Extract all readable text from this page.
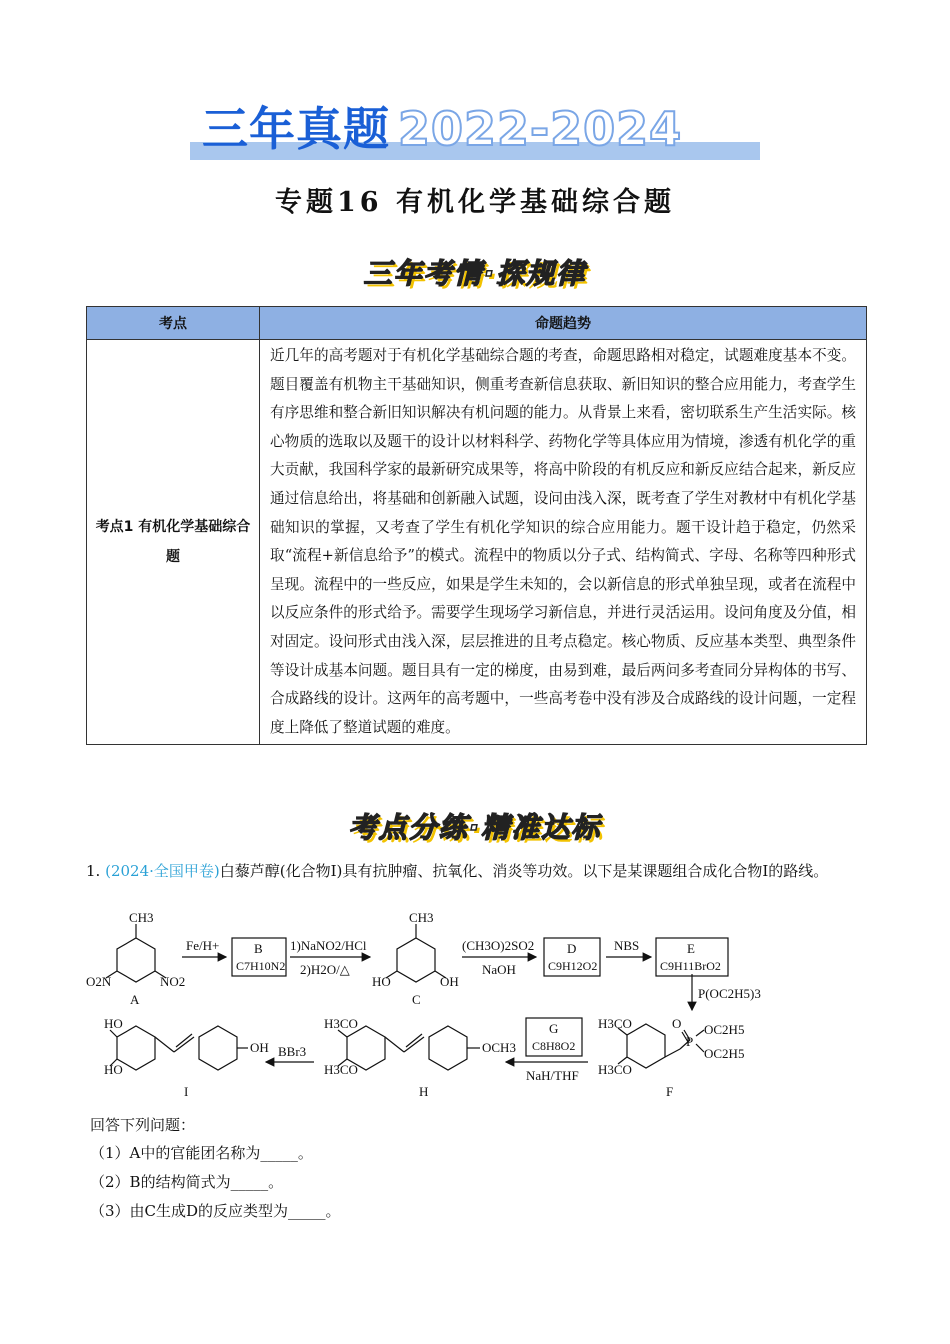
三年真题 2022-2024
专题16 有机化学基础综合题
三年考情·探规律
考点	命题趋势
考点1 有机化学基础综合题	近几年的高考题对于有机化学基础综合题的考查，命题思路相对稳定，试题难度基本不变。题目覆盖有机物主干基础知识，侧重考查新信息获取、新旧知识的整合应用能力，考查学生有序思维和整合新旧知识解决有机问题的能力。从背景上来看，密切联系生产生活实际。核心物质的选取以及题干的设计以材料科学、药物化学等具体应用为情境，渗透有机化学的重大贡献，我国科学家的最新研究成果等，将高中阶段的有机反应和新反应结合起来，新反应通过信息给出，将基础和创新融入试题，设问由浅入深，既考查了学生对教材中有机化学基础知识的掌握，又考查了学生有机化学知识的综合应用能力。题干设计趋于稳定，仍然采取“流程+新信息给予”的模式。流程中的物质以分子式、结构简式、字母、名称等四种形式呈现。流程中的一些反应，如果是学生未知的，会以新信息的形式单独呈现，或者在流程中以反应条件的形式给予。需要学生现场学习新信息，并进行灵活运用。设问角度及分值，相对固定。设问形式由浅入深，层层推进的且考点稳定。核心物质、反应基本类型、典型条件等设计成基本问题。题目具有一定的梯度，由易到难，最后两问多考查同分异构体的书写、合成路线的设计。这两年的高考题中，一些高考卷中没有涉及合成路线的设计问题，一定程度上降低了整道试题的难度。
考点分练·精准达标
1. (2024·全国甲卷)白藜芦醇(化合物I)具有抗肿瘤、抗氧化、消炎等功效。以下是某课题组合成化合物I的路线。
CH3
O2N	NO2
A
Fe/H+	1)NaNO2/HCl
2)H2O/△
(CH3O)2SO2
NaOH
NBS
P(OC2H5)3
B
C7H10N2
D
C9H12O2
E
C9H11BrO2
G
C8H8O2
CH3
HO	OH
C
H3CO
H3CO
O
P
OC2H5
OC2H5
F
NaH/THF
BBr3
H3CO
H3CO
OCH3
H
HO
HO
OH
I
回答下列问题：
（1）A中的官能团名称为_____。
（2）B的结构简式为_____。
（3）由C生成D的反应类型为_____。
